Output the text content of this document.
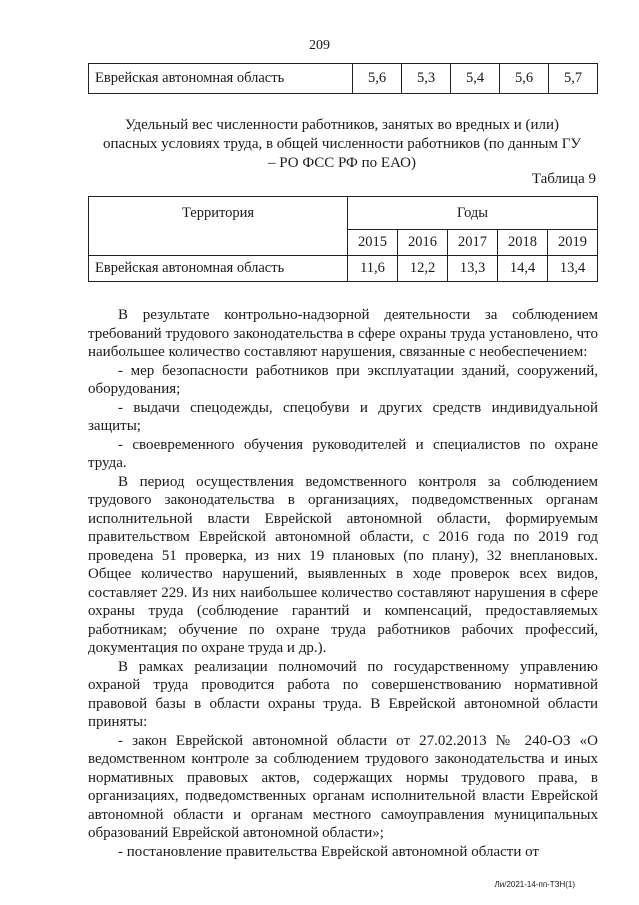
209
Еврейская автономная область	5,6	5,3	5,4	5,6	5,7
Удельный вес численности работников, занятых во вредных и (или) опасных условиях труда, в общей численности работников (по данным ГУ – РО ФСС РФ по ЕАО)
Таблица 9
Территория	Годы				
	2015	2016	2017	2018	2019
Еврейская автономная область	11,6	12,2	13,3	14,4	13,4

В результате контрольно-надзорной деятельности за соблюдением требований трудового законодательства в сфере охраны труда установлено, что наибольшее количество составляют нарушения, связанные с необеспечением:

- мер безопасности работников при эксплуатации зданий, сооружений, оборудования;

- выдачи спецодежды, спецобуви и других средств индивидуальной защиты;

- своевременного обучения руководителей и специалистов по охране труда.

В период осуществления ведомственного контроля за соблюдением трудового законодательства в организациях, подведомственных органам исполнительной власти Еврейской автономной области, формируемым правительством Еврейской автономной области, с 2016 года по 2019 год проведена 51 проверка, из них 19 плановых (по плану), 32 внеплановых. Общее количество нарушений, выявленных в ходе проверок всех видов, составляет 229. Из них наибольшее количество составляют нарушения в сфере охраны труда (соблюдение гарантий и компенсаций, предоставляемых работникам; обучение по охране труда работников рабочих профессий, документация по охране труда и др.).

В рамках реализации полномочий по государственному управлению охраной труда проводится работа по совершенствованию нормативной правовой базы в области охраны труда. В Еврейской автономной области приняты:

- закон Еврейской автономной области от 27.02.2013 № 240-ОЗ «О ведомственном контроле за соблюдением трудового законодательства и иных нормативных правовых актов, содержащих нормы трудового права, в организациях, подведомственных органам исполнительной власти Еврейской автономной области и органам местного самоуправления муниципальных образований Еврейской автономной области»;

- постановление правительства Еврейской автономной области от

Ли/2021-14-пп-ТЗН(1)
